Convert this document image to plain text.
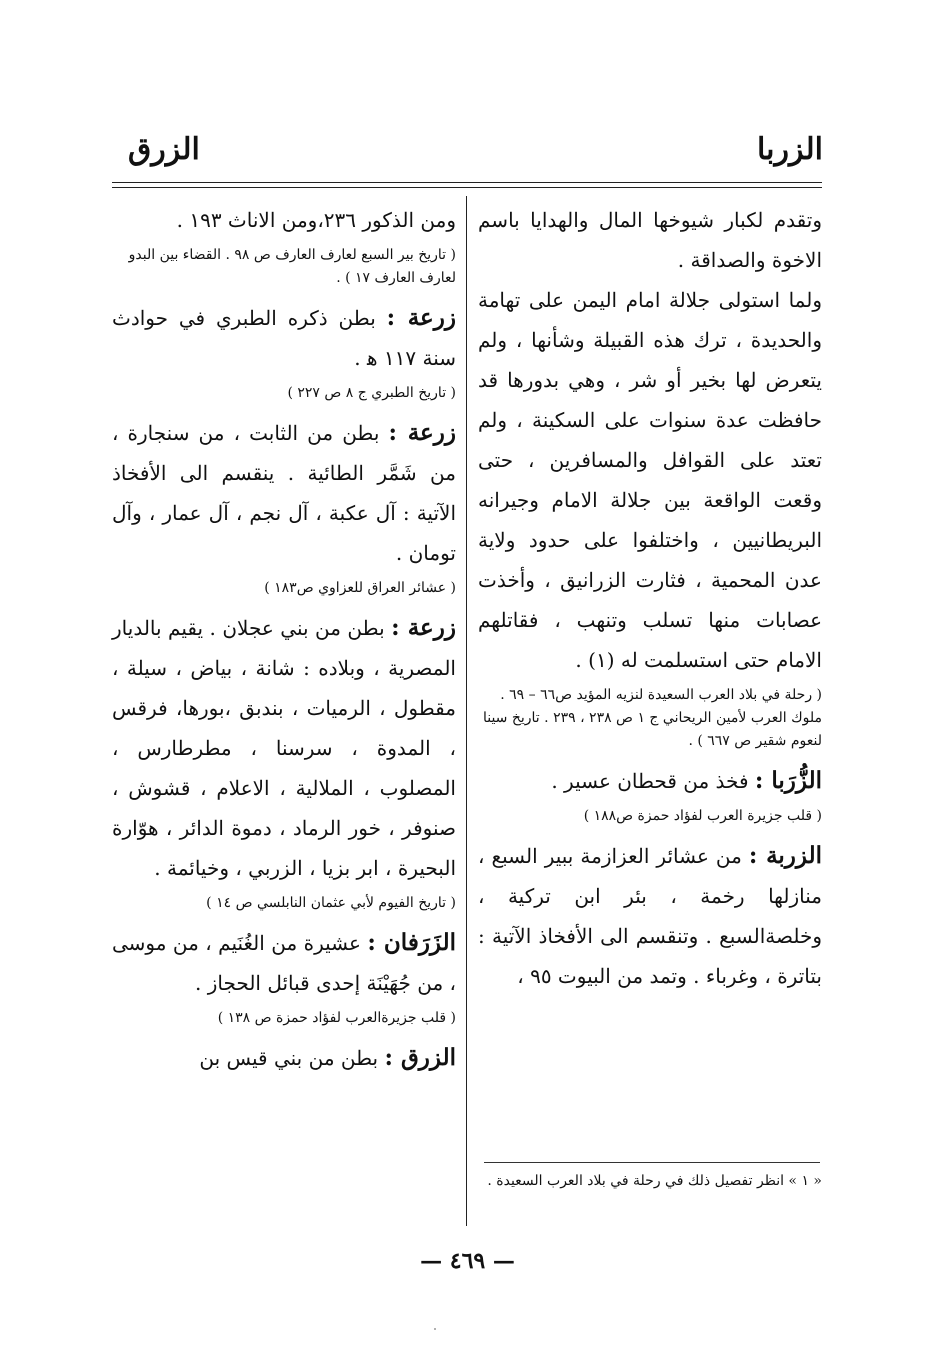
الزربا
الزرق

وتقدم لكبار شيوخها المال والهدايا باسم الاخوة والصداقة .

ولما استولى جلالة امام اليمن على تهامة والحديدة ، ترك هذه القبيلة وشأنها ، ولم يتعرض لها بخير أو شر ، وهي بدورها قد حافظت عدة سنوات على السكينة ، ولم تعتد على القوافل والمسافرين ، حتى وقعت الواقعة بين جلالة الامام وجيرانه البريطانيين ، واختلفوا على حدود ولاية عدن المحمية ، فثارت الزرانيق ، وأخذت عصابات منها تسلب وتنهب ، فقاتلهم الامام حتى استسلمت له (١) .

( رحلة في بلاد العرب السعيدة لنزيه المؤيد ص٦٦ – ٦٩ . ملوك العرب لأمين الريحاني ج ١ ص ٢٣٨ ، ٢٣٩ . تاريخ سينا لنعوم شقير ص ٦٦٧ ) .

الزُّرَبا : فخذ من قحطان عسير .

( قلب جزيرة العرب لفؤاد حمزة ص١٨٨ )

الزربة : من عشائر العزازمة ببير السبع ، منازلها رخمة ، بئر ابن تركية ، وخلصةالسبع . وتنقسم الى الأفخاذ الآتية : بتاترة ، وغرباء . وتمد من البيوت ٩٥ ،

ومن الذكور ٢٣٦،ومن الاناث ١٩٣ .

( تاريخ بير السبع لعارف العارف ص ٩٨ . القضاء بين البدو لعارف العارف ١٧ ) .

زرعة : بطن ذكره الطبري في حوادث سنة ١١٧ ﻫ .

( تاريخ الطبري ج ٨ ص ٢٢٧ )

زرعة : بطن من الثابت ، من سنجارة ، من شَمَّر الطائية . ينقسم الى الأفخاذ الآتية : آل عكبة ، آل نجم ، آل عمار ، وآل تومان .

( عشائر العراق للعزاوي ص١٨٣ )

زرعة : بطن من بني عجلان . يقيم بالديار المصرية ، وبلاده : شانة ، بياض ، سيلة ، مقطول ، الرميات ، بندبق ،بورها، فرقس ، المدوة ، سرسنا ، مطرطارس ، المصلوب ، الملالية ، الاعلام ، قشوش ، صنوفر ، خور الرماد ، دموة الدائر ، هوّارة البحيرة ، ابر بزيا ، الزربي ، وخيائمة .

( تاريخ الفيوم لأبي عثمان النابلسي ص ١٤ )

الزَرَفان : عشيرة من الغُنَيم ، من موسى ، من جُهَيْنَة إحدى قبائل الحجاز .

( قلب جزيرةالعرب لفؤاد حمزة ص ١٣٨ )

الزرق : بطن من بني قيس بن

« ١ » انظر تفصيل ذلك في رحلة في بلاد العرب السعيدة .
— ٤٦٩ —
